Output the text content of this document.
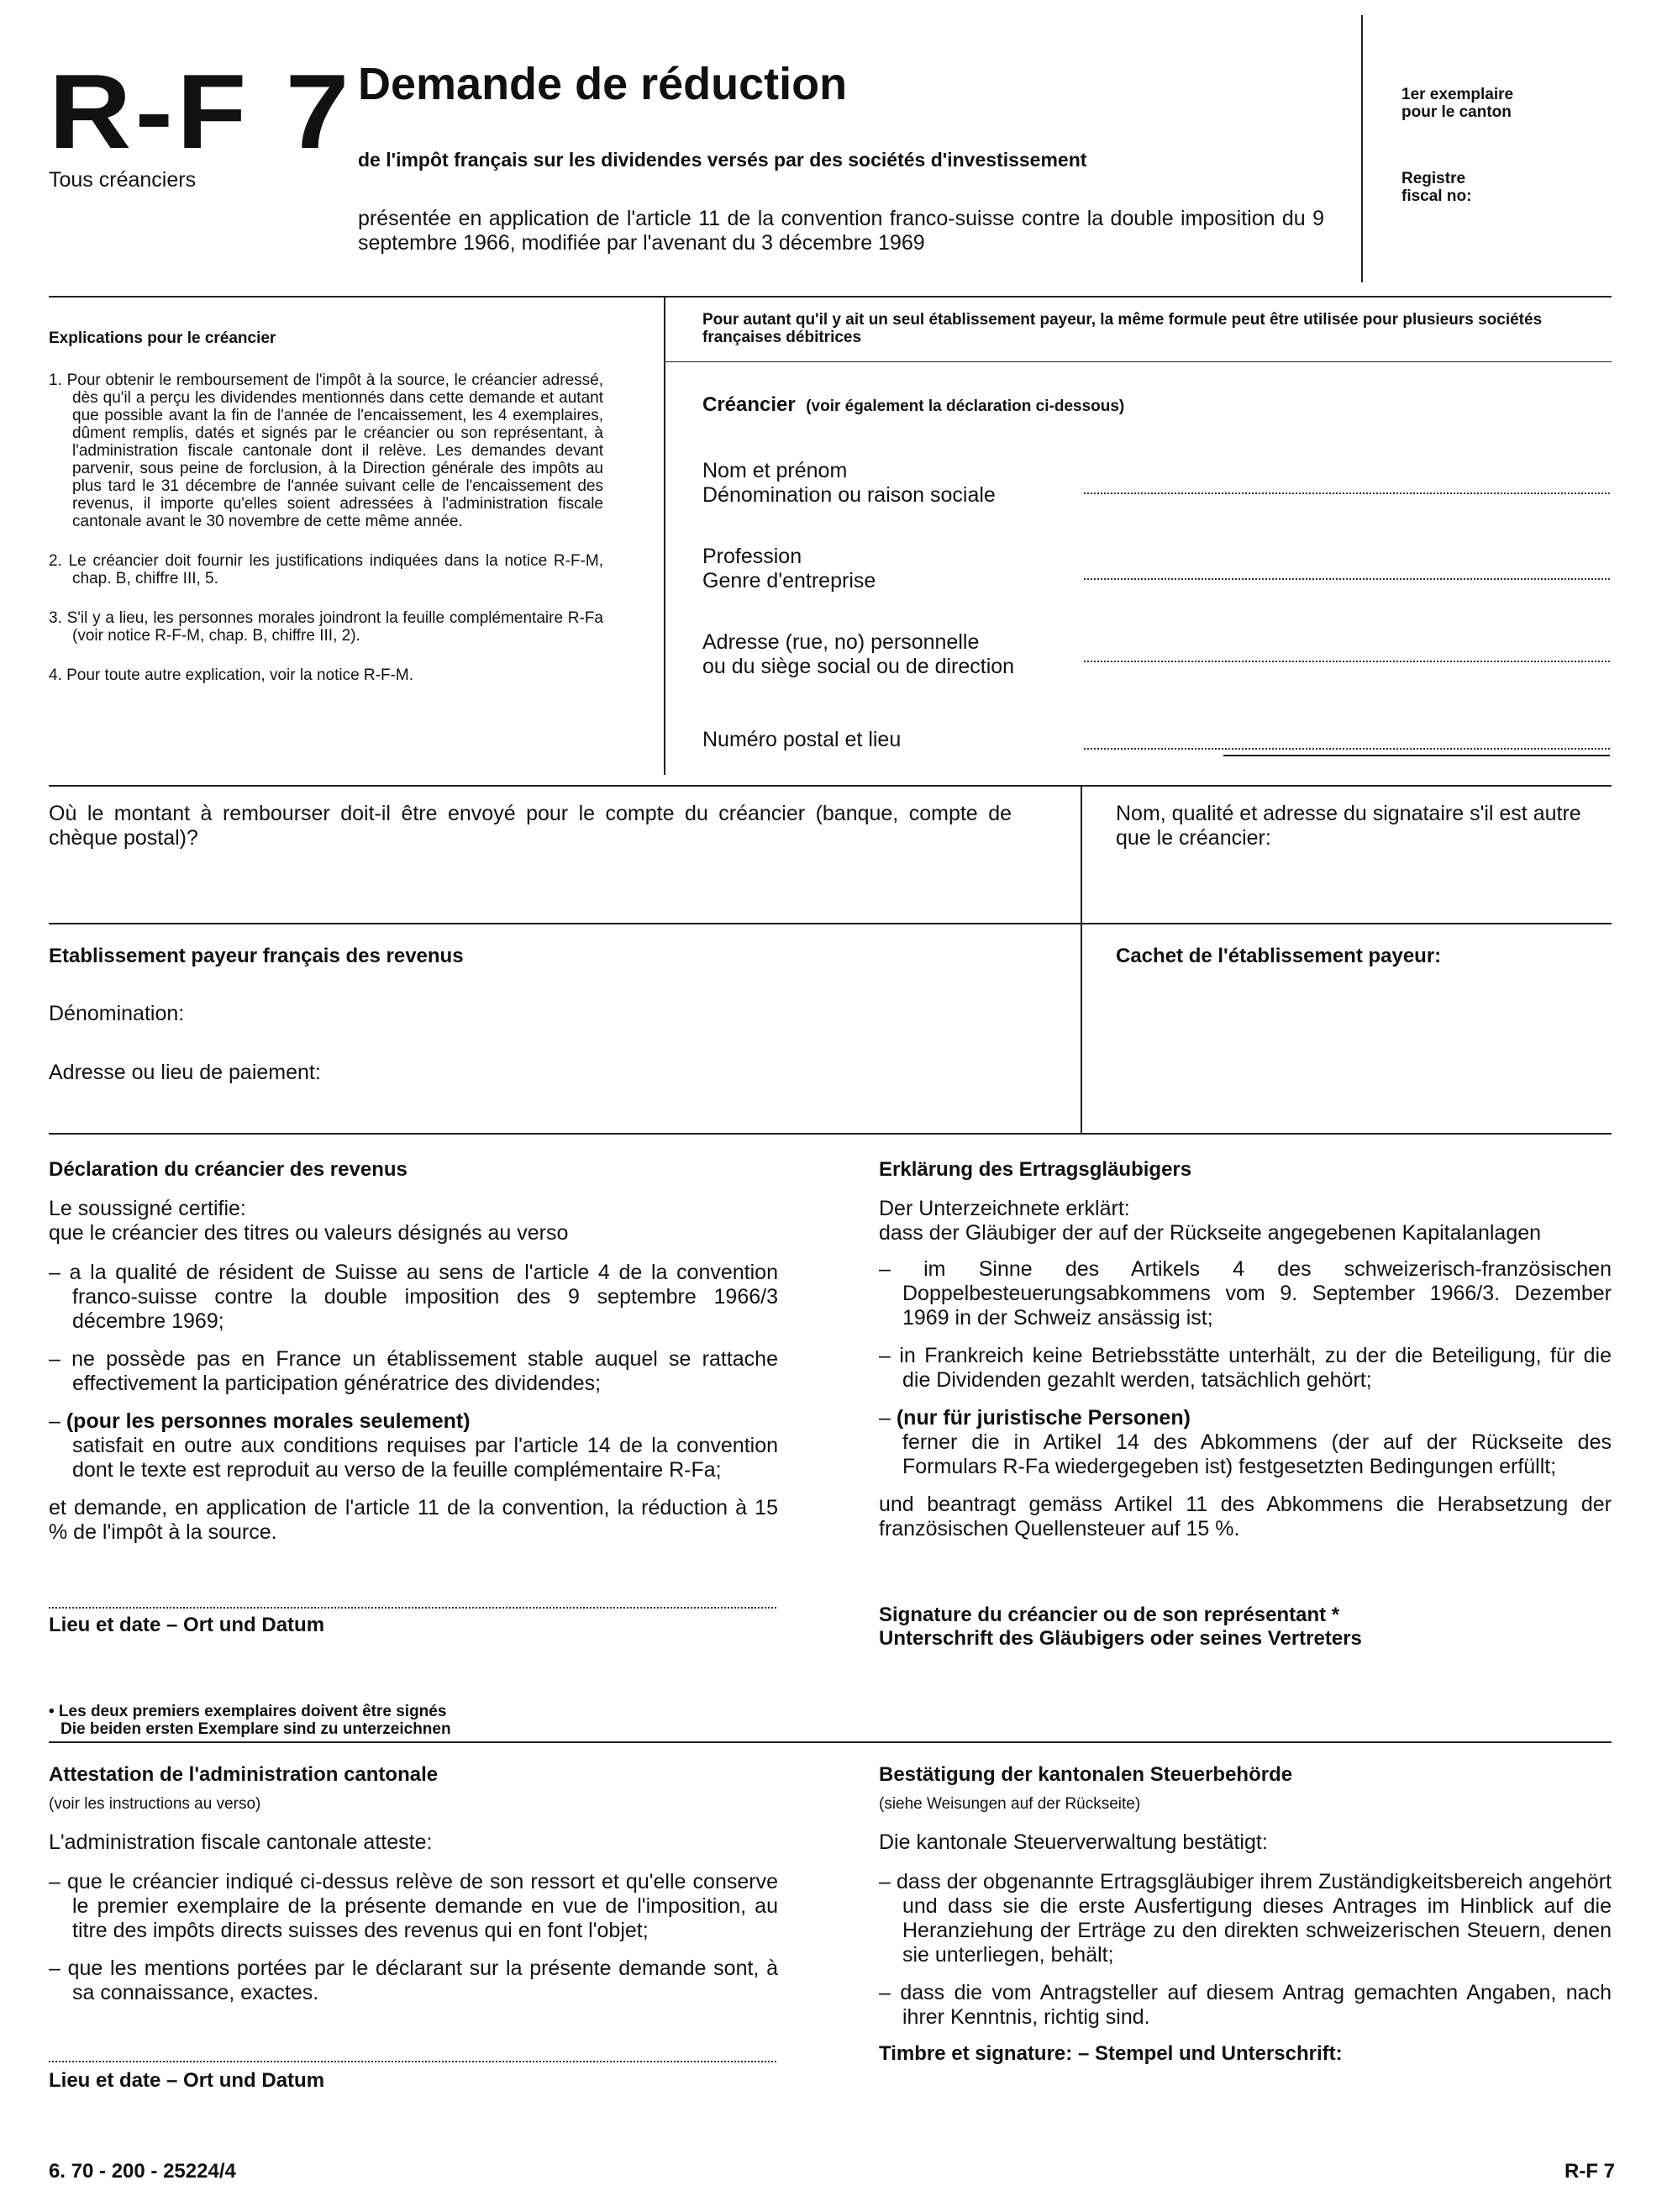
R-F 7
Tous créanciers
Demande de réduction
de l'impôt français sur les dividendes versés par des sociétés d'investissement
présentée en application de l'article 11 de la convention franco-suisse contre la double imposition du 9 septembre 1966, modifiée par l'avenant du 3 décembre 1969
1er exemplaire
pour le canton
Registre
fiscal no:
Explications pour le créancier
1. Pour obtenir le remboursement de l'impôt à la source, le créancier adressé, dès qu'il a perçu les dividendes mentionnés dans cette demande et autant que possible avant la fin de l'année de l'encaissement, les 4 exemplaires, dûment remplis, datés et signés par le créancier ou son représentant, à l'administration fiscale cantonale dont il relève. Les demandes devant parvenir, sous peine de forclusion, à la Direction générale des impôts au plus tard le 31 décembre de l'année suivant celle de l'encaissement des revenus, il importe qu'elles soient adressées à l'administration fiscale cantonale avant le 30 novembre de cette même année.
2. Le créancier doit fournir les justifications indiquées dans la notice R-F-M, chap. B, chiffre III, 5.
3. S'il y a lieu, les personnes morales joindront la feuille complémentaire R-Fa (voir notice R-F-M, chap. B, chiffre III, 2).
4. Pour toute autre explication, voir la notice R-F-M.
Pour autant qu'il y ait un seul établissement payeur, la même formule peut être utilisée pour plusieurs sociétés françaises débitrices
Créancier (voir également la déclaration ci-dessous)
Nom et prénom
Dénomination ou raison sociale
Profession
Genre d'entreprise
Adresse (rue, no) personnelle
ou du siège social ou de direction
Numéro postal et lieu
Où le montant à rembourser doit-il être envoyé pour le compte du créancier (banque, compte de chèque postal)?
Nom, qualité et adresse du signataire s'il est autre que le créancier:
Etablissement payeur français des revenus
Dénomination:
Adresse ou lieu de paiement:
Cachet de l'établissement payeur:
Déclaration du créancier des revenus
Le soussigné certifie:
que le créancier des titres ou valeurs désignés au verso
– a la qualité de résident de Suisse au sens de l'article 4 de la convention franco-suisse contre la double imposition des 9 septembre 1966/3 décembre 1969;
– ne possède pas en France un établissement stable auquel se rattache effectivement la participation génératrice des dividendes;
– (pour les personnes morales seulement)
satisfait en outre aux conditions requises par l'article 14 de la convention dont le texte est reproduit au verso de la feuille complémentaire R-Fa;
et demande, en application de l'article 11 de la convention, la réduction à 15 % de l'impôt à la source.
Lieu et date – Ort und Datum
Erklärung des Ertragsgläubigers
Der Unterzeichnete erklärt:
dass der Gläubiger der auf der Rückseite angegebenen Kapitalanlagen
– im Sinne des Artikels 4 des schweizerisch-französischen Doppelbesteuerungsabkommens vom 9. September 1966/3. Dezember 1969 in der Schweiz ansässig ist;
– in Frankreich keine Betriebsstätte unterhält, zu der die Beteiligung, für die die Dividenden gezahlt werden, tatsächlich gehört;
– (nur für juristische Personen)
ferner die in Artikel 14 des Abkommens (der auf der Rückseite des Formulars R-Fa wiedergegeben ist) festgesetzten Bedingungen erfüllt;
und beantragt gemäss Artikel 11 des Abkommens die Herabsetzung der französischen Quellensteuer auf 15 %.
Signature du créancier ou de son représentant *
Unterschrift des Gläubigers oder seines Vertreters
• Les deux premiers exemplaires doivent être signés
Die beiden ersten Exemplare sind zu unterzeichnen
Attestation de l'administration cantonale
(voir les instructions au verso)
L'administration fiscale cantonale atteste:
– que le créancier indiqué ci-dessus relève de son ressort et qu'elle conserve le premier exemplaire de la présente demande en vue de l'imposition, au titre des impôts directs suisses des revenus qui en font l'objet;
– que les mentions portées par le déclarant sur la présente demande sont, à sa connaissance, exactes.
Lieu et date – Ort und Datum
Bestätigung der kantonalen Steuerbehörde
(siehe Weisungen auf der Rückseite)
Die kantonale Steuerverwaltung bestätigt:
– dass der obgenannte Ertragsgläubiger ihrem Zuständigkeitsbereich angehört und dass sie die erste Ausfertigung dieses Antrages im Hinblick auf die Heranziehung der Erträge zu den direkten schweizerischen Steuern, denen sie unterliegen, behält;
– dass die vom Antragsteller auf diesem Antrag gemachten Angaben, nach ihrer Kenntnis, richtig sind.
Timbre et signature: – Stempel und Unterschrift:
6. 70 - 200 - 25224/4	R-F 7
